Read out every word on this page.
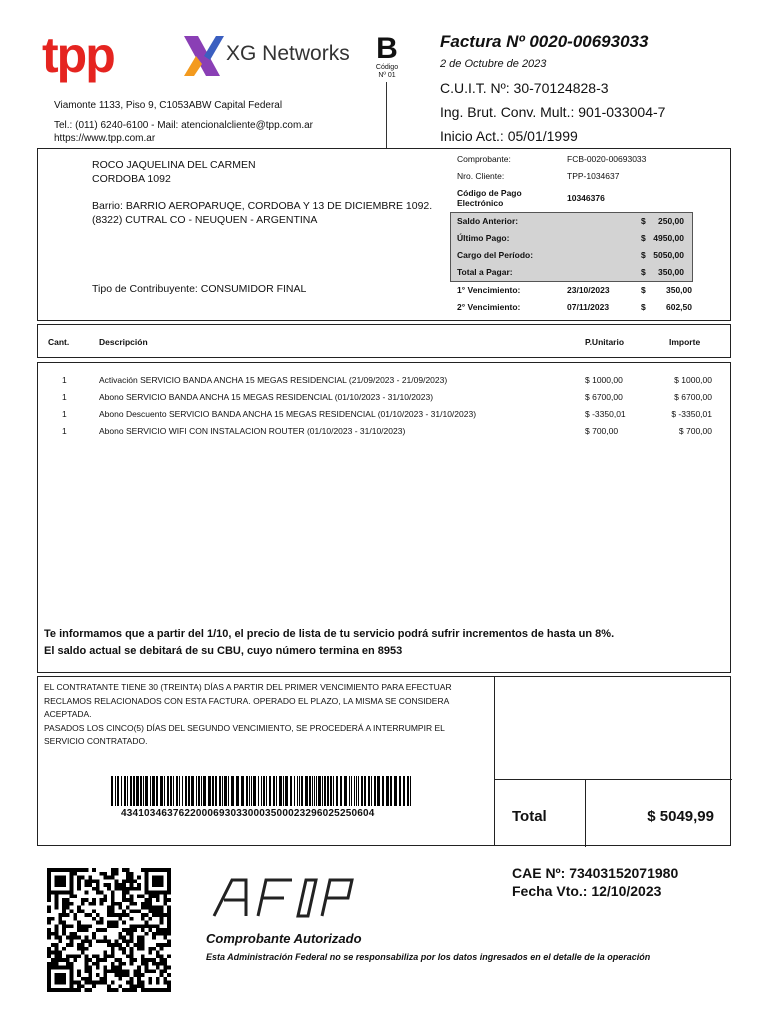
tpp	XG Networks B
Código
Nº 01
Viamonte 1133, Piso 9, C1053ABW Capital Federal
Tel.: (011) 6240-6100 - Mail: atencionalcliente@tpp.com.ar
https://www.tpp.com.ar
Factura Nº 0020-00693033
2 de Octubre de 2023
C.U.I.T. Nº: 30-70124828-3
Ing. Brut. Conv. Mult.: 901-033004-7
Inicio Act.: 05/01/1999
ROCO JAQUELINA DEL CARMEN
CORDOBA 1092
Barrio: BARRIO AEROPARUQE, CORDOBA Y 13 DE DICIEMBRE 1092.
(8322) CUTRAL CO - NEUQUEN - ARGENTINA
Tipo de Contribuyente: CONSUMIDOR FINAL
Comprobante:	FCB-0020-00693033
Nro. Cliente:	TPP-1034637
Código de Pago
Electrónico	10346376
Saldo Anterior:	$ 250,00
Último Pago:	$ 4950,00
Cargo del Período:	$ 5050,00
Total a Pagar:	$ 350,00
1° Vencimiento:	23/10/2023	$ 350,00
2° Vencimiento:	07/11/2023	$ 602,50
Cant.	Descripción	P.Unitario	Importe
1	Activación SERVICIO BANDA ANCHA 15 MEGAS RESIDENCIAL (21/09/2023 - 21/09/2023)	$ 1000,00	$ 1000,00
1	Abono SERVICIO BANDA ANCHA 15 MEGAS RESIDENCIAL (01/10/2023 - 31/10/2023)	$ 6700,00	$ 6700,00
1	Abono Descuento SERVICIO BANDA ANCHA 15 MEGAS RESIDENCIAL (01/10/2023 - 31/10/2023)	$ -3350,01	$ -3350,01
1	Abono SERVICIO WIFI CON INSTALACION ROUTER (01/10/2023 - 31/10/2023)	$ 700,00	$ 700,00
Te informamos que a partir del 1/10, el precio de lista de tu servicio podrá sufrir incrementos de hasta un 8%.
El saldo actual se debitará de su CBU, cuyo número termina en 8953
EL CONTRATANTE TIENE 30 (TREINTA) DÍAS A PARTIR DEL PRIMER VENCIMIENTO PARA EFECTUAR
RECLAMOS RELACIONADOS CON ESTA FACTURA. OPERADO EL PLAZO, LA MISMA SE CONSIDERA
ACEPTADA.
PASADOS LOS CINCO(5) DÍAS DEL SEGUNDO VENCIMIENTO, SE PROCEDERÁ A INTERRUMPIR EL
SERVICIO CONTRATADO.
43410346376220006930330003500023296025250604	Total	$ 5049,99
Comprobante Autorizado
Esta Administración Federal no se responsabiliza por los datos ingresados en el detalle de la operación
CAE Nº: 73403152071980
Fecha Vto.: 12/10/2023
